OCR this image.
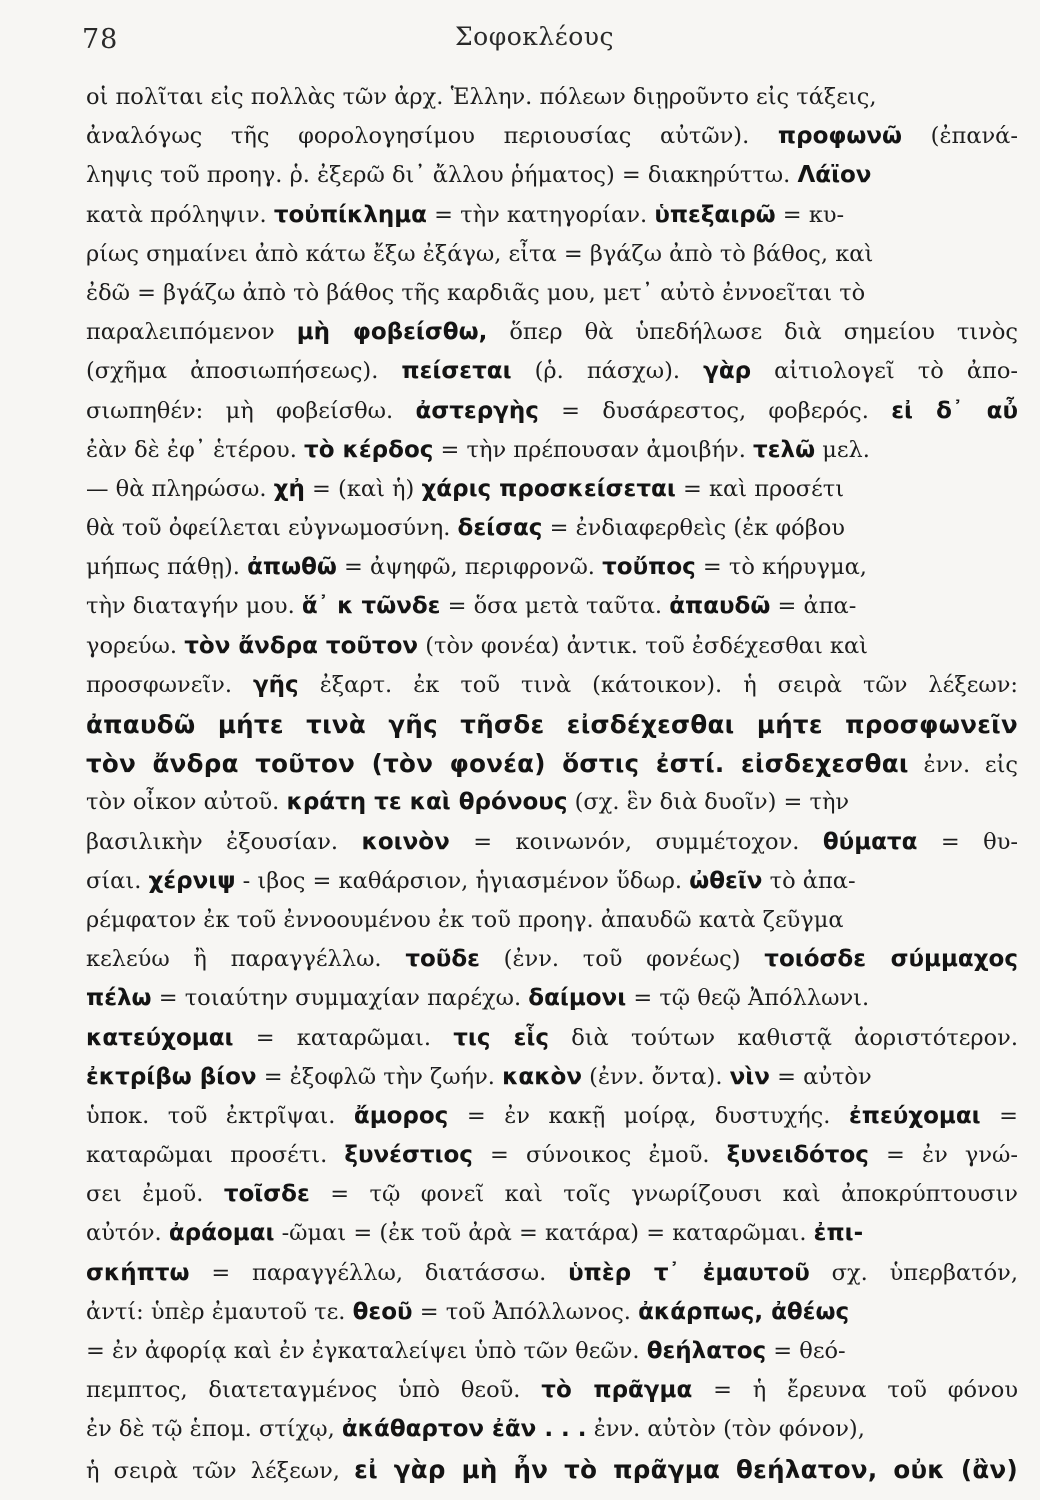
78	Σοφοκλέους
οἱ πολῖται εἰς πολλὰς τῶν ἀρχ. Ἑλλην. πόλεων διῃροῦντο εἰς τάξεις,
ἀναλόγως τῆς φορολογησίμου περιουσίας αὐτῶν). προφωνῶ (ἐπανά-
ληψις τοῦ προηγ. ῥ. ἐξερῶ δι᾽ ἄλλου ῥήματος) = διακηρύττω. Λάϊον
κατὰ πρόληψιν. τοὐπίκλημα = τὴν κατηγορίαν. ὑπεξαιρῶ = κυ-
ρίως σημαίνει ἀπὸ κάτω ἔξω ἐξάγω, εἶτα = βγάζω ἀπὸ τὸ βάθος, καὶ
ἐδῶ = βγάζω ἀπὸ τὸ βάθος τῆς καρδιᾶς μου, μετ᾽ αὐτὸ ἐννοεῖται τὸ
παραλειπόμενον μὴ φοβείσθω, ὅπερ θὰ ὑπεδήλωσε διὰ σημείου τινὸς
(σχῆμα ἀποσιωπήσεως). πείσεται (ῥ. πάσχω). γὰρ αἰτιολογεῖ τὸ ἀπο-
σιωπηθέν: μὴ φοβείσθω. ἀστεργὴς = δυσάρεστος, φοβερός. εἰ δ᾽ αὖ
ἐὰν δὲ ἐφ᾽ ἑτέρου. τὸ κέρδος = τὴν πρέπουσαν ἀμοιβήν. τελῶ μελ.
— θὰ πληρώσω. χἠ = (καὶ ἡ) χάρις προσκείσεται = καὶ προσέτι
θὰ τοῦ ὀφείλεται εὐγνωμοσύνη. δείσας = ἐνδιαφερθεὶς (ἐκ φόβου
μήπως πάθῃ). ἀπωθῶ = ἀψηφῶ, περιφρονῶ. τοὔπος = τὸ κήρυγμα,
τὴν διαταγήν μου. ἅ᾽ κ τῶνδε = ὅσα μετὰ ταῦτα. ἀπαυδῶ = ἀπα-
γορεύω. τὸν ἄνδρα τοῦτον (τὸν φονέα) ἀντικ. τοῦ ἐσδέχεσθαι καὶ
προσφωνεῖν. γῆς ἐξαρτ. ἐκ τοῦ τινὰ (κάτοικον). ἡ σειρὰ τῶν λέξεων:
ἀπαυδῶ μήτε τινὰ γῆς τῆσδε εἰσδέχεσθαι μήτε προσφωνεῖν
τὸν ἄνδρα τοῦτον (τὸν φονέα) ὅστις ἐστί. εἰσδεχεσθαι ἐνν. εἰς
τὸν οἶκον αὐτοῦ. κράτη τε καὶ θρόνους (σχ. ἓν διὰ δυοῖν) = τὴν
βασιλικὴν ἐξουσίαν. κοινὸν = κοινωνόν, συμμέτοχον. θύματα = θυ-
σίαι. χέρνιψ - ιβος = καθάρσιον, ἡγιασμένον ὕδωρ. ὠθεῖν τὸ ἀπα-
ρέμφατον ἐκ τοῦ ἐννοουμένου ἐκ τοῦ προηγ. ἀπαυδῶ κατὰ ζεῦγμα
κελεύω ἢ παραγγέλλω. τοῦδε (ἐνν. τοῦ φονέως) τοιόσδε σύμμαχος
πέλω = τοιαύτην συμμαχίαν παρέχω. δαίμονι = τῷ θεῷ Ἀπόλλωνι.
κατεύχομαι = καταρῶμαι. τις εἷς διὰ τούτων καθιστᾷ ἀοριστότερον.
ἐκτρίβω βίον = ἐξοφλῶ τὴν ζωήν. κακὸν (ἐνν. ὄντα). νὶν = αὐτὸν
ὑποκ. τοῦ ἐκτρῖψαι. ἄμορος = ἐν κακῇ μοίρᾳ, δυστυχής. ἐπεύχομαι =
καταρῶμαι προσέτι. ξυνέστιος = σύνοικος ἐμοῦ. ξυνειδότος = ἐν γνώ-
σει ἐμοῦ. τοῖσδε = τῷ φονεῖ καὶ τοῖς γνωρίζουσι καὶ ἀποκρύπτουσιν
αὐτόν. ἀράομαι -ῶμαι = (ἐκ τοῦ ἀρὰ = κατάρα) = καταρῶμαι. ἐπι-
σκήπτω = παραγγέλλω, διατάσσω. ὑπὲρ τ᾽ ἐμαυτοῦ σχ. ὑπερβατόν,
ἀντί: ὑπὲρ ἐμαυτοῦ τε. θεοῦ = τοῦ Ἀπόλλωνος. ἀκάρπως, ἀθέως
= ἐν ἀφορίᾳ καὶ ἐν ἐγκαταλείψει ὑπὸ τῶν θεῶν. θεήλατος = θεό-
πεμπτος, διατεταγμένος ὑπὸ θεοῦ. τὸ πρᾶγμα = ἡ ἔρευνα τοῦ φόνου
ἐν δὲ τῷ ἑπομ. στίχῳ, ἀκάθαρτον ἐᾶν . . . ἐνν. αὐτὸν (τὸν φόνον),
ἡ σειρὰ τῶν λέξεων, εἰ γὰρ μὴ ἦν τὸ πρᾶγμα θεήλατον, οὐκ (ἂν)
